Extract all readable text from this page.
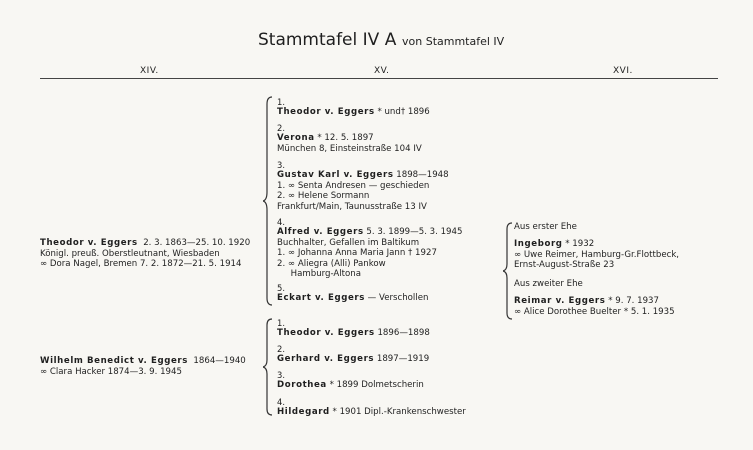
Stammtafel IV A von Stammtafel IV
XIV.	XV.	XVI.
Theodor v. Eggers 2. 3. 1863—25. 10. 1920
Königl. preuß. Oberstleutnant, Wiesbaden
∞ Dora Nagel, Bremen 7. 2. 1872—21. 5. 1914
1.
Theodor v. Eggers * und† 1896
2.
Verona * 12. 5. 1897
München 8, Einsteinstraße 104 IV
3.
Gustav Karl v. Eggers 1898—1948
1. ∞ Senta Andresen — geschieden
2. ∞ Helene Sormann
Frankfurt/Main, Taunusstraße 13 IV
4.
Alfred v. Eggers 5. 3. 1899—5. 3. 1945
Buchhalter, Gefallen im Baltikum
1. ∞ Johanna Anna Maria Jann † 1927
2. ∞ Aliegra (Alli) Pankow
Hamburg-Altona
5.
Eckart v. Eggers — Verschollen
Aus erster Ehe
Ingeborg * 1932
∞ Uwe Reimer, Hamburg-Gr.Flottbeck,
Ernst-August-Straße 23
Aus zweiter Ehe
Reimar v. Eggers * 9. 7. 1937
∞ Alice Dorothee Buelter * 5. 1. 1935
Wilhelm Benedict v. Eggers 1864—1940
∞ Clara Hacker 1874—3. 9. 1945
1.
Theodor v. Eggers 1896—1898
2.
Gerhard v. Eggers 1897—1919
3.
Dorothea * 1899 Dolmetscherin
4.
Hildegard * 1901 Dipl.-Krankenschwester
